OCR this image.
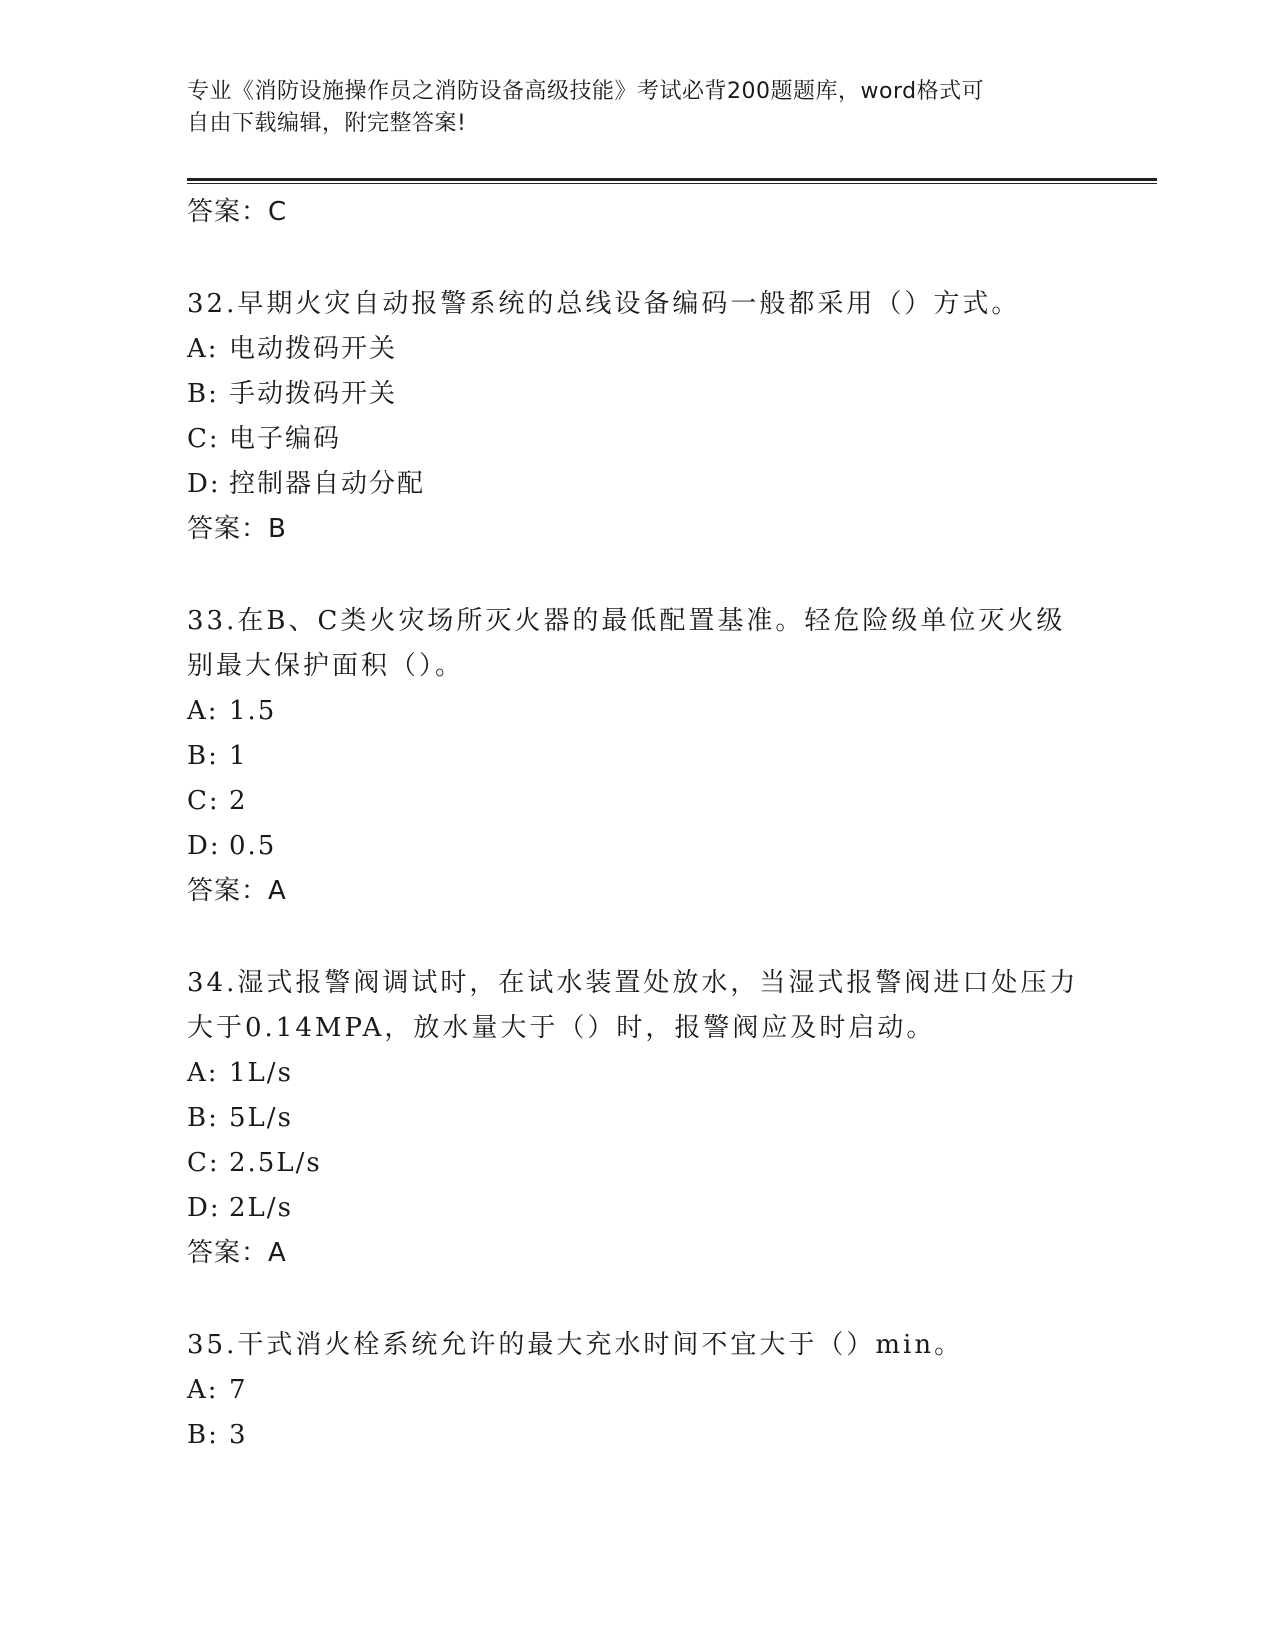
专业《消防设施操作员之消防设备高级技能》考试必背200题题库，word格式可
自由下载编辑，附完整答案!
答案：C
32.早期火灾自动报警系统的总线设备编码一般都采用（）方式。
A: 电动拨码开关
B: 手动拨码开关
C: 电子编码
D: 控制器自动分配
答案：B
33.在B、C类火灾场所灭火器的最低配置基准。轻危险级单位灭火级
别最大保护面积（）。
A: 1.5
B: 1
C: 2
D: 0.5
答案：A
34.湿式报警阀调试时，在试水装置处放水，当湿式报警阀进口处压力
大于0.14MPA，放水量大于（）时，报警阀应及时启动。
A: 1L/s
B: 5L/s
C: 2.5L/s
D: 2L/s
答案：A
35.干式消火栓系统允许的最大充水时间不宜大于（）min。
A: 7
B: 3
